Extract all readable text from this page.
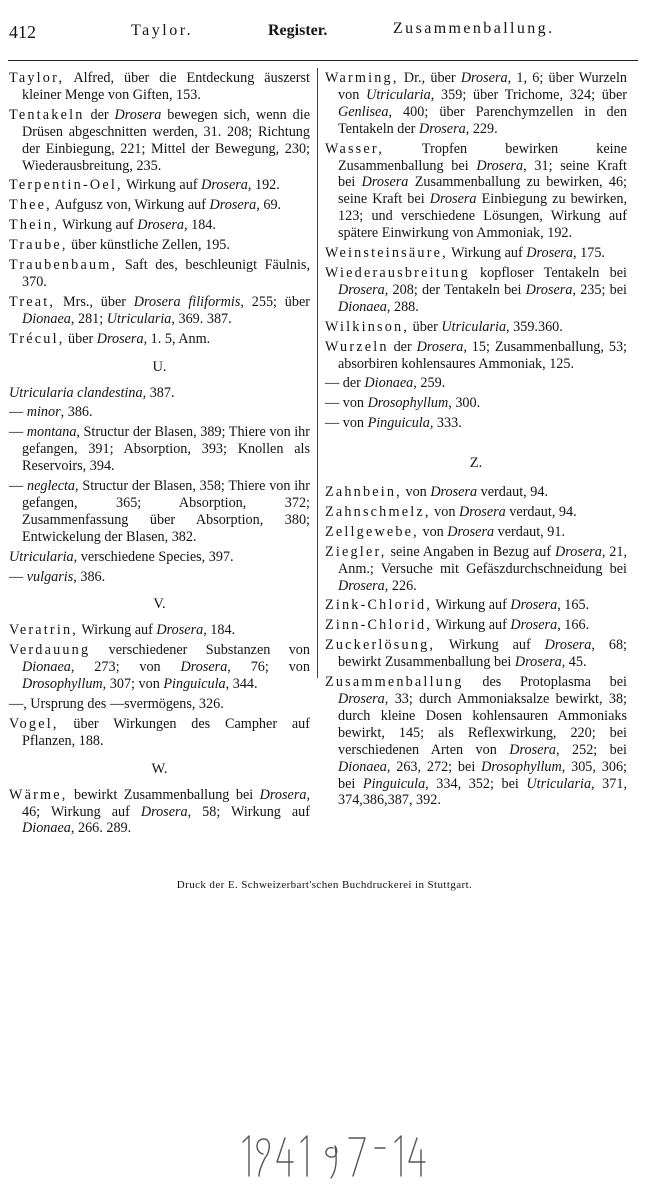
412	Taylor.	Register.	Zusammenballung.

Taylor, Alfred, über die Entdeckung äuszerst kleiner Menge von Giften, 153.

Tentakeln der Drosera bewegen sich, wenn die Drüsen abgeschnitten werden, 31. 208; Richtung der Einbiegung, 221; Mittel der Bewegung, 230; Wiederausbreitung, 235.

Terpentin-Oel, Wirkung auf Drosera, 192.

Thee, Aufgusz von, Wirkung auf Drosera, 69.

Thein, Wirkung auf Drosera, 184.

Traube, über künstliche Zellen, 195.

Traubenbaum, Saft des, beschleunigt Fäulnis, 370.

Treat, Mrs., über Drosera filiformis, 255; über Dionaea, 281; Utricularia, 369. 387.

Trécul, über Drosera, 1. 5, Anm.

U.

Utricularia clandestina, 387.

— minor, 386.

— montana, Structur der Blasen, 389; Thiere von ihr gefangen, 391; Absorption, 393; Knollen als Reservoirs, 394.

— neglecta, Structur der Blasen, 358; Thiere von ihr gefangen, 365; Absorption, 372; Zusammenfassung über Absorption, 380; Entwickelung der Blasen, 382.

Utricularia, verschiedene Species, 397.

— vulgaris, 386.

V.

Veratrin, Wirkung auf Drosera, 184.

Verdauung verschiedener Substanzen von Dionaea, 273; von Drosera, 76; von Drosophyllum, 307; von Pinguicula, 344.

—, Ursprung des —svermögens, 326.

Vogel, über Wirkungen des Campher auf Pflanzen, 188.

W.

Wärme, bewirkt Zusammenballung bei Drosera, 46; Wirkung auf Drosera, 58; Wirkung auf Dionaea, 266. 289.

Warming, Dr., über Drosera, 1, 6; über Wurzeln von Utricularia, 359; über Trichome, 324; über Genlisea, 400; über Parenchymzellen in den Tentakeln der Drosera, 229.

Wasser, Tropfen bewirken keine Zusammenballung bei Drosera, 31; seine Kraft bei Drosera Zusammenballung zu bewirken, 46; seine Kraft bei Drosera Einbiegung zu bewirken, 123; und verschiedene Lösungen, Wirkung auf spätere Einwirkung von Ammoniak, 192.

Weinsteinsäure, Wirkung auf Drosera, 175.

Wiederausbreitung kopfloser Tentakeln bei Drosera, 208; der Tentakeln bei Drosera, 235; bei Dionaea, 288.

Wilkinson, über Utricularia, 359.360.

Wurzeln der Drosera, 15; Zusammenballung, 53; absorbiren kohlensaures Ammoniak, 125.

— der Dionaea, 259.

— von Drosophyllum, 300.

— von Pinguicula, 333.

Z.

Zahnbein, von Drosera verdaut, 94.

Zahnschmelz, von Drosera verdaut, 94.

Zellgewebe, von Drosera verdaut, 91.

Ziegler, seine Angaben in Bezug auf Drosera, 21, Anm.; Versuche mit Gefäszdurchschneidung bei Drosera, 226.

Zink-Chlorid, Wirkung auf Drosera, 165.

Zinn-Chlorid, Wirkung auf Drosera, 166.

Zuckerlösung, Wirkung auf Drosera, 68; bewirkt Zusammenballung bei Drosera, 45.

Zusammenballung des Protoplasma bei Drosera, 33; durch Ammoniaksalze bewirkt, 38; durch kleine Dosen kohlensauren Ammoniaks bewirkt, 145; als Reflexwirkung, 220; bei verschiedenen Arten von Drosera, 252; bei Dionaea, 263, 272; bei Drosophyllum, 305, 306; bei Pinguicula, 334, 352; bei Utricularia, 371, 374,386,387, 392.

Druck der E. Schweizerbart'schen Buchdruckerei in Stuttgart.
